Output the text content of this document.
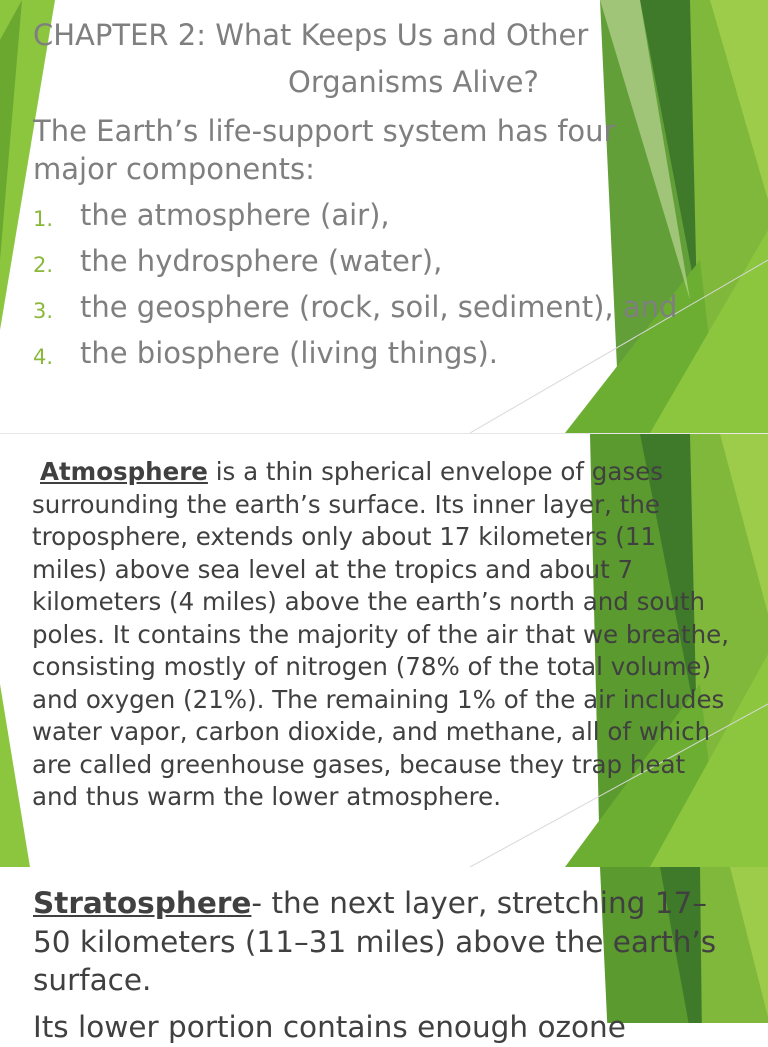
CHAPTER 2: What Keeps Us and Other
Organisms Alive?
The Earth’s life-support system has four major components:
1. the atmosphere (air),
2. the hydrosphere (water),
3. the geosphere (rock, soil, sediment), and
4. the biosphere (living things).
Atmosphere is a thin spherical envelope of gases surrounding the earth’s surface. Its inner layer, the troposphere, extends only about 17 kilometers (11 miles) above sea level at the tropics and about 7 kilometers (4 miles) above the earth’s north and south poles. It contains the majority of the air that we breathe, consisting mostly of nitrogen (78% of the total volume) and oxygen (21%). The remaining 1% of the air includes water vapor, carbon dioxide, and methane, all of which are called greenhouse gases, because they trap heat and thus warm the lower atmosphere.
Stratosphere- the next layer, stretching 17–50 kilometers (11–31 miles) above the earth’s surface.
Its lower portion contains enough ozone
